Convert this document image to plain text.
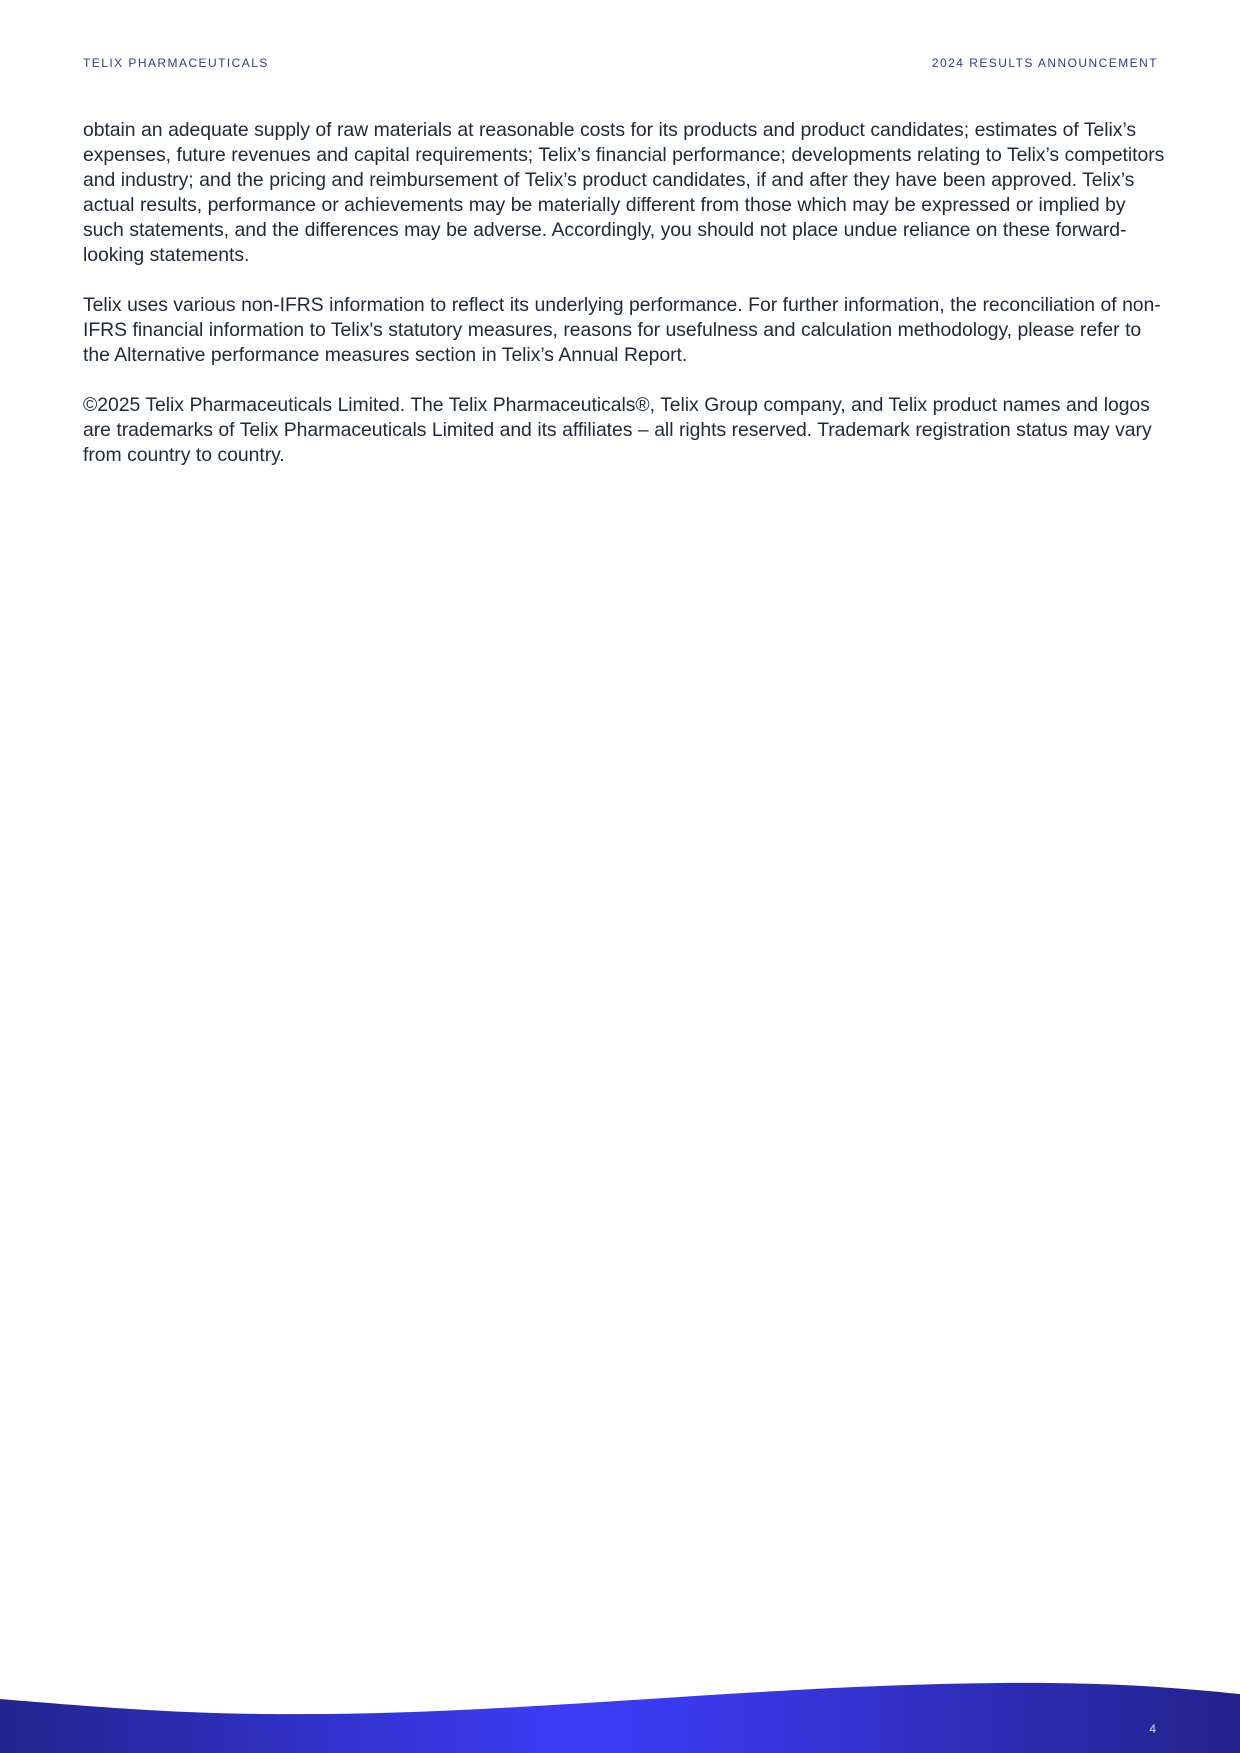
TELIX PHARMACEUTICALS	2024 RESULTS ANNOUNCEMENT

obtain an adequate supply of raw materials at reasonable costs for its products and product candidates; estimates of Telix’s expenses, future revenues and capital requirements; Telix’s financial performance; developments relating to Telix’s competitors and industry; and the pricing and reimbursement of Telix’s product candidates, if and after they have been approved. Telix’s actual results, performance or achievements may be materially different from those which may be expressed or implied by such statements, and the differences may be adverse. Accordingly, you should not place undue reliance on these forward-looking statements.

Telix uses various non-IFRS information to reflect its underlying performance. For further information, the reconciliation of non-IFRS financial information to Telix's statutory measures, reasons for usefulness and calculation methodology, please refer to the Alternative performance measures section in Telix’s Annual Report.

©2025 Telix Pharmaceuticals Limited. The Telix Pharmaceuticals®, Telix Group company, and Telix product names and logos are trademarks of Telix Pharmaceuticals Limited and its affiliates – all rights reserved. Trademark registration status may vary from country to country.

4
